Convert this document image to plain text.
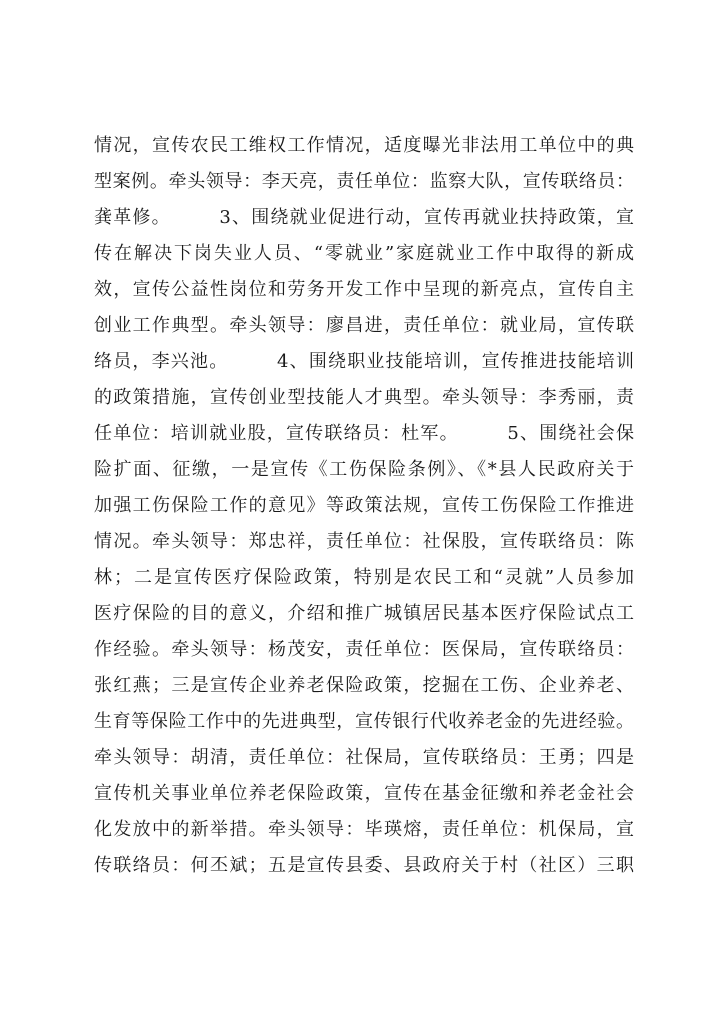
情况，宣传农民工维权工作情况，适度曝光非法用工单位中的典
型案例。牵头领导：李天亮，责任单位：监察大队，宣传联络员：
龚革修。　　　3、围绕就业促进行动，宣传再就业扶持政策，宣
传在解决下岗失业人员、“零就业”家庭就业工作中取得的新成
效，宣传公益性岗位和劳务开发工作中呈现的新亮点，宣传自主
创业工作典型。牵头领导：廖昌进，责任单位：就业局，宣传联
络员，李兴池。　　　4、围绕职业技能培训，宣传推进技能培训
的政策措施，宣传创业型技能人才典型。牵头领导：李秀丽，责
任单位：培训就业股，宣传联络员：杜军。　　　5、围绕社会保
险扩面、征缴，一是宣传《工伤保险条例》、《*县人民政府关于
加强工伤保险工作的意见》等政策法规，宣传工伤保险工作推进
情况。牵头领导：郑忠祥，责任单位：社保股，宣传联络员：陈
林；二是宣传医疗保险政策，特别是农民工和“灵就”人员参加
医疗保险的目的意义，介绍和推广城镇居民基本医疗保险试点工
作经验。牵头领导：杨茂安，责任单位：医保局，宣传联络员：
张红燕；三是宣传企业养老保险政策，挖掘在工伤、企业养老、
生育等保险工作中的先进典型，宣传银行代收养老金的先进经验。
牵头领导：胡清，责任单位：社保局，宣传联络员：王勇；四是
宣传机关事业单位养老保险政策，宣传在基金征缴和养老金社会
化发放中的新举措。牵头领导：毕瑛熔，责任单位：机保局，宣
传联络员：何丕斌；五是宣传县委、县政府关于村（社区）三职
